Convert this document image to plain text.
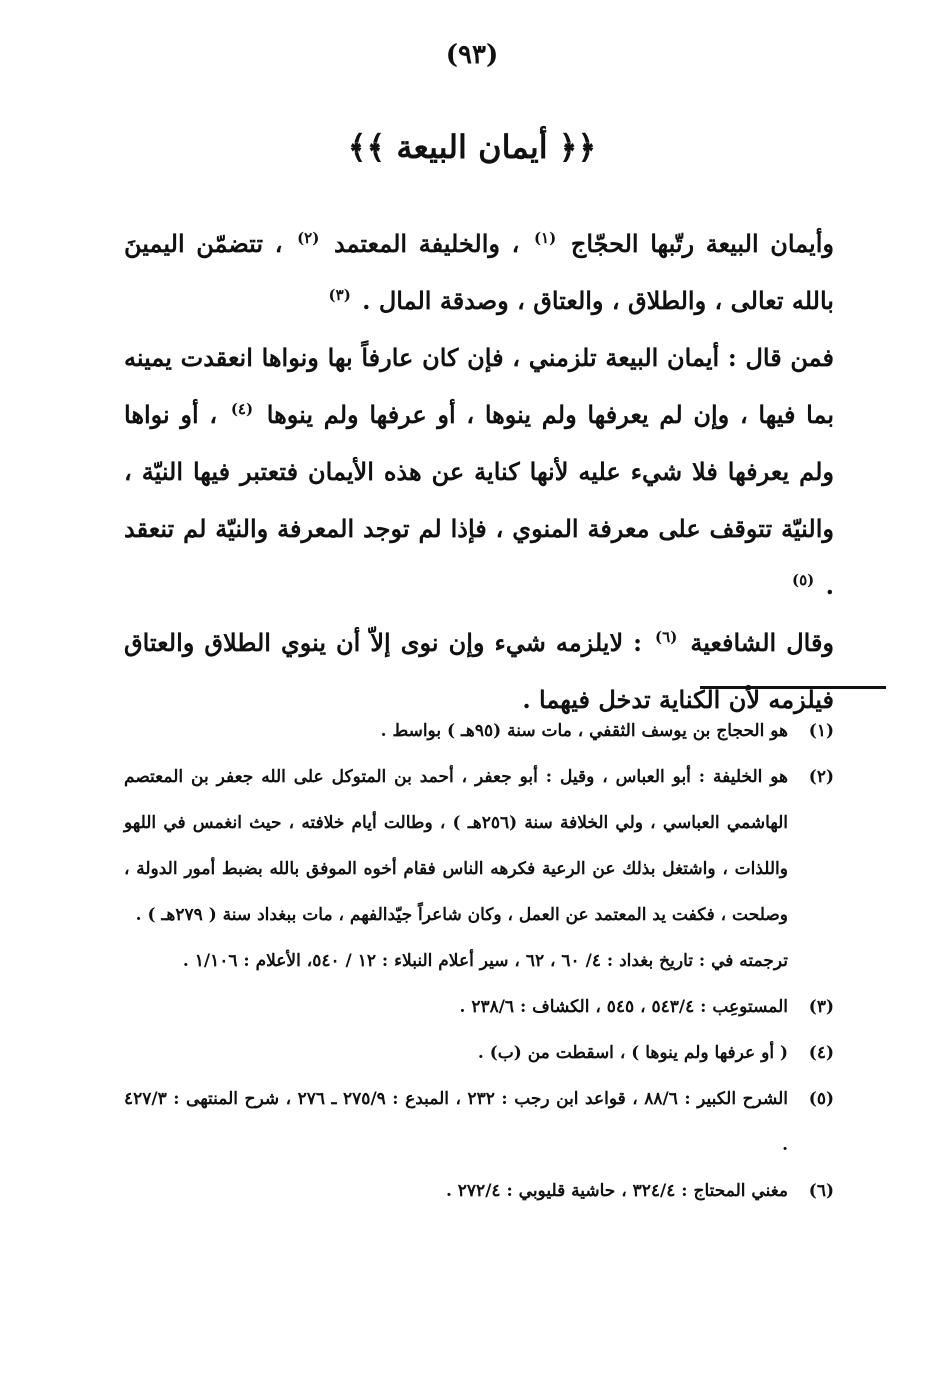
(٩٣)
﴿﴿ أيمان البيعة ﴾﴾

وأيمان البيعة رتّبها الحجّاج $^{(١)}$ ، والخليفة المعتمد $^{(٢)}$ ، تتضمّن اليمينَ بالله تعالى ، والطلاق ، والعتاق ، وصدقة المال . $^{(٣)}$

فمن قال : أيمان البيعة تلزمني ، فإن كان عارفاً بها ونواها انعقدت يمينه بما فيها ، وإن لم يعرفها ولم ينوها ، أو عرفها ولم ينوها $^{(٤)}$ ، أو نواها ولم يعرفها فلا شيء عليه لأنها كناية عن هذه الأيمان فتعتبر فيها النيّة ، والنيّة تتوقف على معرفة المنوي ، فإذا لم توجد المعرفة والنيّة لم تنعقد . $^{(٥)}$

وقال الشافعية $^{(٦)}$ : لايلزمه شيء وإن نوى إلاّ أن ينوي الطلاق والعتاق فيلزمه لأن الكناية تدخل فيهما .

(١)
هو الحجاج بن يوسف الثقفي ، مات سنة (٩٥هـ ) بواسط .
(٢)
هو الخليفة : أبو العباس ، وقيل : أبو جعفر ، أحمد بن المتوكل على الله جعفر بن المعتصم الهاشمي العباسي ، ولي الخلافة سنة (٢٥٦هـ ) ، وطالت أيام خلافته ، حيث انغمس في اللهو واللذات ، واشتغل بذلك عن الرعية فكرهه الناس فقام أخوه الموفق بالله بضبط أمور الدولة ، وصلحت ، فكفت يد المعتمد عن العمل ، وكان شاعراً جيّدالفهم ، مات ببغداد سنة ( ٢٧٩هـ ) .
ترجمته في : تاريخ بغداد : ٤/ ٦٠ ، ٦٢ ، سير أعلام النبلاء : ١٢ / ٥٤٠، الأعلام : ١/١٠٦ .
(٣)
المستوعِب : ٥٤٣/٤ ، ٥٤٥ ، الكشاف : ٢٣٨/٦ .
(٤)
( أو عرفها ولم ينوها ) ، اسقطت من (ب) .
(٥)
الشرح الكبير : ٨٨/٦ ، قواعد ابن رجب : ٢٣٢ ، المبدع : ٢٧٥/٩ ـ ٢٧٦ ، شرح المنتهى : ٤٢٧/٣ .
(٦)
مغني المحتاج : ٣٢٤/٤ ، حاشية قليوبي : ٢٧٢/٤ .
